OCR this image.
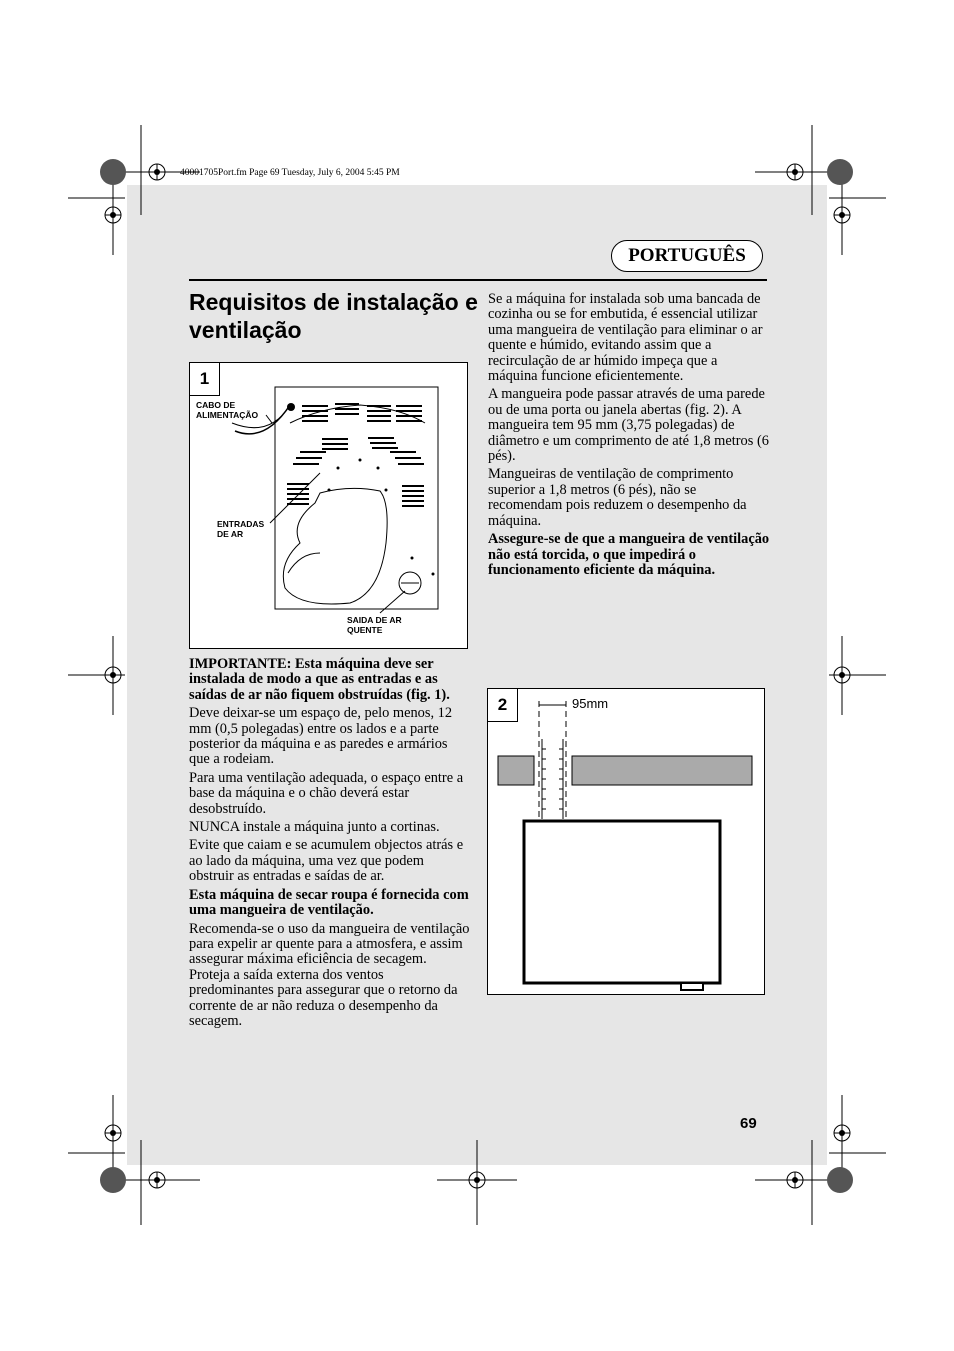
40001705Port.fm Page 69 Tuesday, July 6, 2004 5:45 PM
PORTUGUÊS
Requisitos de instalação e ventilação
1
CABO DE
ALIMENTAÇÃO
ENTRADAS
DE AR
SAIDA DE AR
QUENTE
2	95mm

IMPORTANTE: Esta máquina deve ser instalada de modo a que as entradas e as saídas de ar não fiquem obstruídas (fig. 1).

Deve deixar-se um espaço de, pelo menos, 12 mm (0,5 polegadas) entre os lados e a parte posterior da máquina e as paredes e armários que a rodeiam.

Para uma ventilação adequada, o espaço entre a base da máquina e o chão deverá estar desobstruído.

NUNCA instale a máquina junto a cortinas.

Evite que caiam e se acumulem objectos atrás e ao lado da máquina, uma vez que podem obstruir as entradas e saídas de ar.

Esta máquina de secar roupa é fornecida com uma mangueira de ventilação.

Recomenda-se o uso da mangueira de ventilação para expelir ar quente para a atmosfera, e assim assegurar máxima eficiência de secagem. Proteja a saída externa dos ventos predominantes para assegurar que o retorno da corrente de ar não reduza o desempenho da secagem.

Se a máquina for instalada sob uma bancada de cozinha ou se for embutida, é essencial utilizar uma mangueira de ventilação para eliminar o ar quente e húmido, evitando assim que a recirculação de ar húmido impeça que a máquina funcione eficientemente.

A mangueira pode passar através de uma parede ou de uma porta ou janela abertas (fig. 2). A mangueira tem 95 mm (3,75 polegadas) de diâmetro e um comprimento de até 1,8 metros (6 pés).

Mangueiras de ventilação de comprimento superior a 1,8 metros (6 pés), não se recomendam pois reduzem o desempenho da máquina.

Assegure-se de que a mangueira de ventilação não está torcida, o que impedirá o funcionamento eficiente da máquina.

69
